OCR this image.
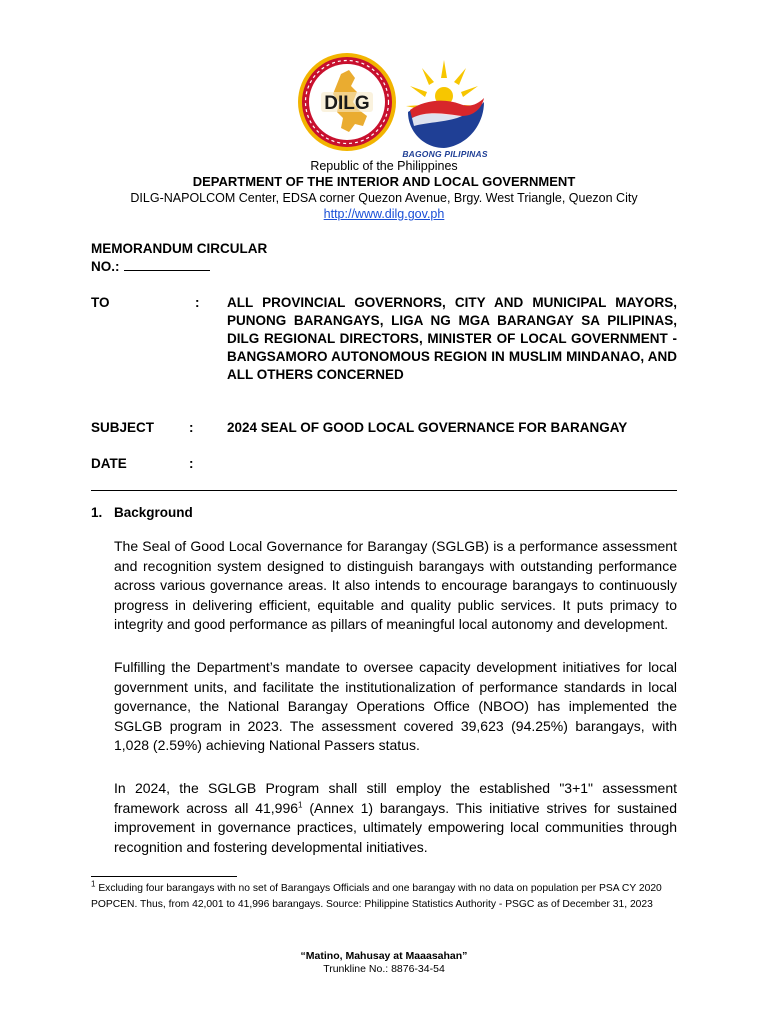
DILG
BAGONG PILIPINAS
Republic of the Philippines
DEPARTMENT OF THE INTERIOR AND LOCAL GOVERNMENT
DILG-NAPOLCOM Center, EDSA corner Quezon Avenue, Brgy. West Triangle, Quezon City
http://www.dilg.gov.ph
MEMORANDUM CIRCULAR
NO.:
TO	: ALL PROVINCIAL GOVERNORS, CITY AND MUNICIPAL MAYORS, PUNONG BARANGAYS, LIGA NG MGA BARANGAY SA PILIPINAS, DILG REGIONAL DIRECTORS, MINISTER OF LOCAL GOVERNMENT - BANGSAMORO AUTONOMOUS REGION IN MUSLIM MINDANAO, AND ALL OTHERS CONCERNED
SUBJECT	: 2024 SEAL OF GOOD LOCAL GOVERNANCE FOR BARANGAY
DATE	:
1. Background
The Seal of Good Local Governance for Barangay (SGLGB) is a performance assessment and recognition system designed to distinguish barangays with outstanding performance across various governance areas. It also intends to encourage barangays to continuously progress in delivering efficient, equitable and quality public services. It puts primacy to integrity and good performance as pillars of meaningful local autonomy and development.
Fulfilling the Department’s mandate to oversee capacity development initiatives for local government units, and facilitate the institutionalization of performance standards in local governance, the National Barangay Operations Office (NBOO) has implemented the SGLGB program in 2023. The assessment covered 39,623 (94.25%) barangays, with 1,028 (2.59%) achieving National Passers status.
In 2024, the SGLGB Program shall still employ the established "3+1" assessment framework across all 41,996$^1$ (Annex 1) barangays. This initiative strives for sustained improvement in governance practices, ultimately empowering local communities through recognition and fostering developmental initiatives.
$^1$ Excluding four barangays with no set of Barangays Officials and one barangay with no data on population per PSA CY 2020 POPCEN. Thus, from 42,001 to 41,996 barangays. Source: Philippine Statistics Authority - PSGC as of December 31, 2023
“Matino, Mahusay at Maaasahan”
Trunkline No.: 8876-34-54
